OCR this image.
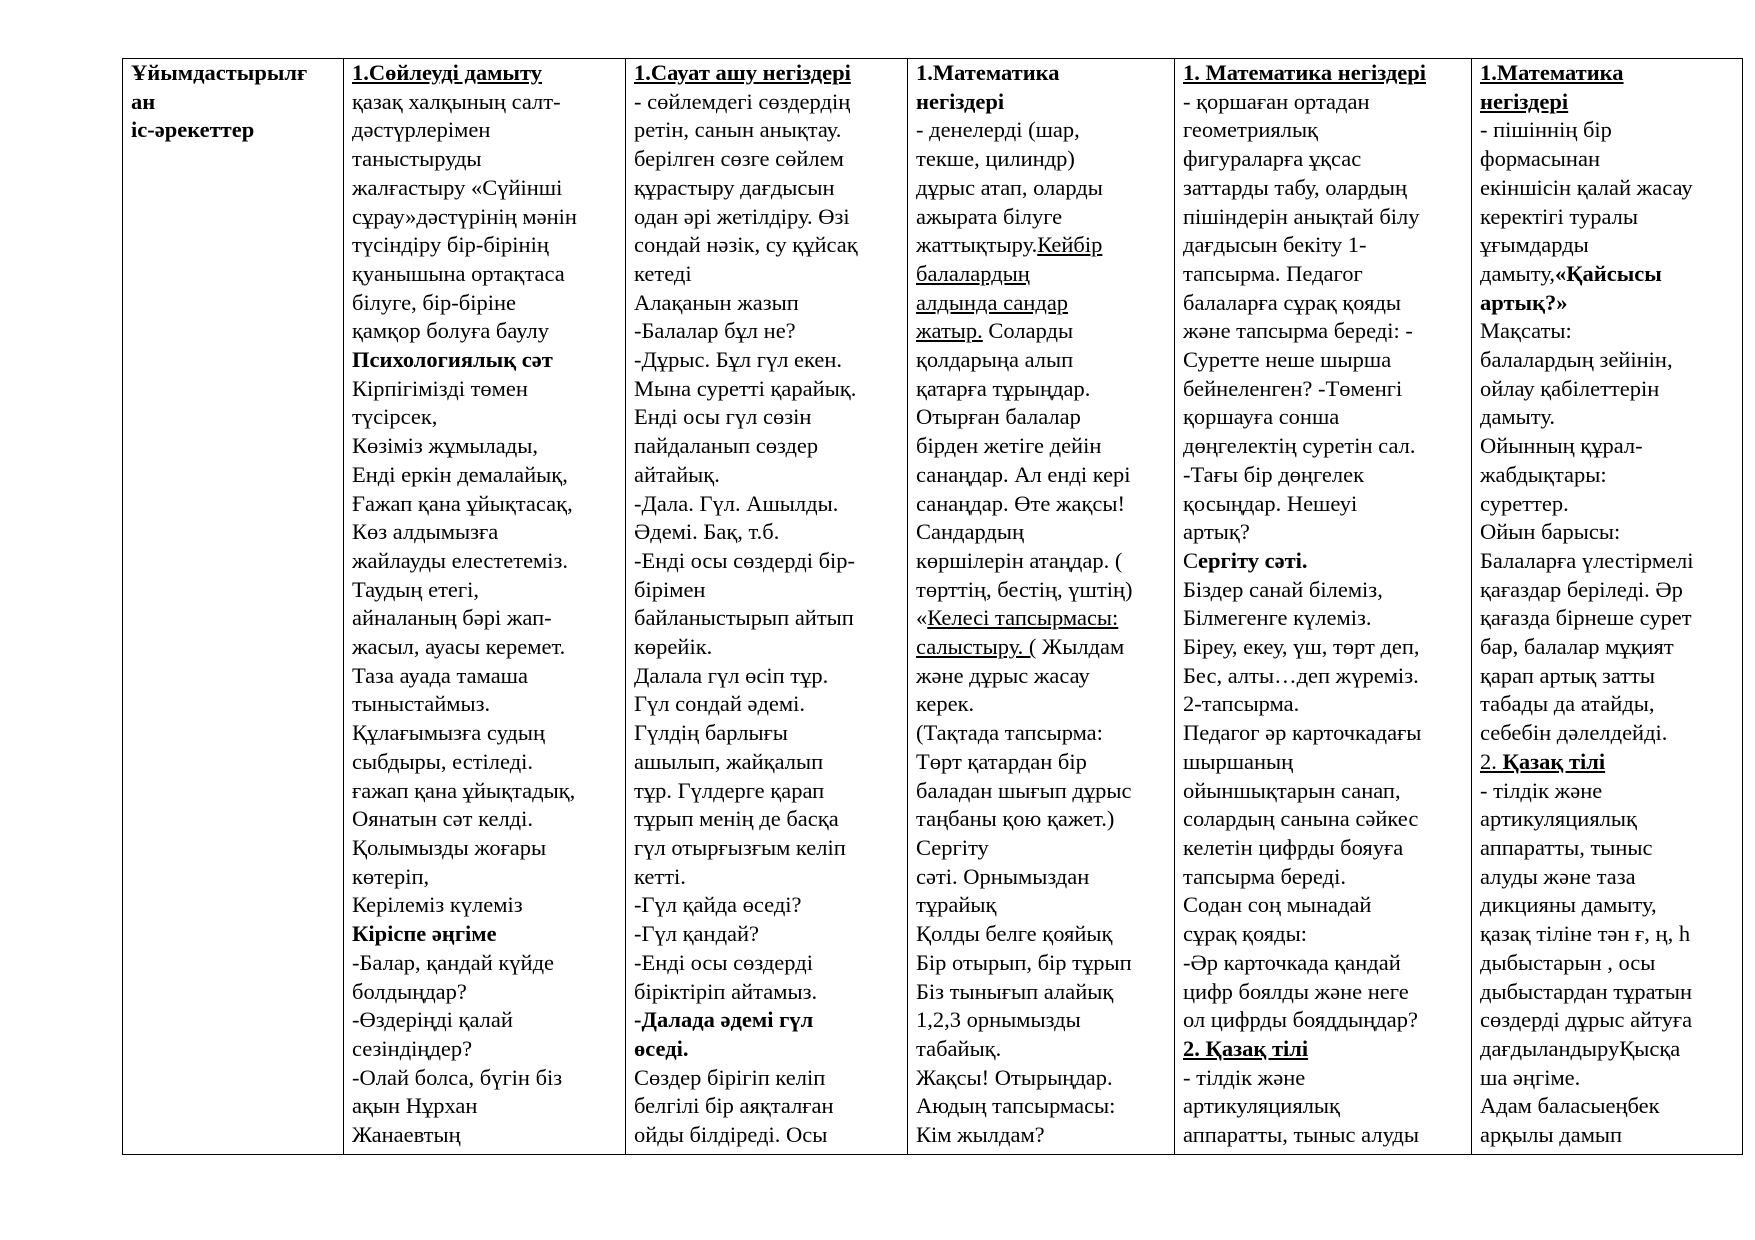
Ұйымдастырылғ
ан
іс-әрекеттер

1.Сөйлеуді дамыту
қазақ халқының салт-
дәстүрлерімен
таныстыруды
жалғастыру «Сүйінші
сұрау»дәстүрінің мәнін
түсіндіру бір-бірінің
қуанышына ортақтаса
білуге, бір-біріне
қамқор болуға баулу
Психологиялық сәт
Кірпігімізді төмен
түсірсек,
Көзіміз жұмылады,
Енді еркін демалайық,
Ғажап қана ұйықтасақ,
Көз алдымызға
жайлауды елестетеміз.
Таудың етегі,
айналаның бәрі жап-
жасыл, ауасы керемет.
Таза ауада тамаша
тыныстаймыз.
Құлағымызға судың
сыбдыры, естіледі.
ғажап қана ұйықтадық,
Оянатын сәт келді.
Қолымызды жоғары
көтеріп,
Керілеміз күлеміз
Кіріспе әңгіме
-Балар, қандай күйде
болдыңдар?
-Өздеріңді қалай
сезіндіңдер?
-Олай болса, бүгін біз
ақын Нұрхан
Жанаевтың

1.Сауат ашу негіздері
- сөйлемдегі сөздердің
ретін, санын анықтау.
берілген сөзге сөйлем
құрастыру дағдысын
одан әрі жетілдіру. Өзі
сондай нәзік, су құйсақ
кетеді
Алақанын жазып
-Балалар бұл не?
-Дұрыс. Бұл гүл екен.
Мына суретті қарайық.
Енді осы гүл сөзін
пайдаланып сөздер
айтайық.
-Дала. Гүл. Ашылды.
Әдемі. Бақ, т.б.
-Енді осы сөздерді бір-
бірімен
байланыстырып айтып
көрейік.
Далала гүл өсіп тұр.
Гүл сондай әдемі.
Гүлдің барлығы
ашылып, жайқалып
тұр. Гүлдерге қарап
тұрып менің де басқа
гүл отырғызғым келіп
кетті.
-Гүл қайда өседі?
-Гүл қандай?
-Енді осы сөздерді
біріктіріп айтамыз.
-Далада әдемі гүл
өседі.
Сөздер бірігіп келіп
белгілі бір аяқталған
ойды білдіреді. Осы

1.Математика
негіздері
- денелерді (шар,
текше, цилиндр)
дұрыс атап, оларды
ажырата білуге
жаттықтыру.Кейбір
балалардың
алдында сандар
жатыр. Соларды
қолдарыңа алып
қатарға тұрыңдар.
Отырған балалар
бірден жетіге дейін
санаңдар. Ал енді кері
санаңдар. Өте жақсы!
Сандардың
көршілерін атаңдар. (
төрттің, бестің, үштің)
«Келесі тапсырмасы:
салыстыру. ( Жылдам
және дұрыс жасау
керек.
(Тақтада тапсырма:
Төрт қатардан бір
баладан шығып дұрыс
таңбаны қою қажет.)
Сергіту
сәті. Орнымыздан
тұрайық
Қолды белге қояйық
Бір отырып, бір тұрып
Біз тынығып алайық
1,2,3 орнымызды
табайық.
Жақсы! Отырыңдар.
Аюдың тапсырмасы:
Кім жылдам?

1. Математика негіздері
- қоршаған ортадан
геометриялық
фигураларға ұқсас
заттарды табу, олардың
пішіндерін анықтай білу
дағдысын бекіту 1-
тапсырма. Педагог
балаларға сұрақ қояды
және тапсырма береді: -
Суретте неше шырша
бейнеленген? -Төменгі
қоршауға сонша
дөңгелектің суретін сал.
-Тағы бір дөңгелек
қосыңдар. Нешеуі
артық?
Сергіту сәті.
Біздер санай білеміз,
Білмегенге күлеміз.
Біреу, екеу, үш, төрт деп,
Бес, алты…деп жүреміз.
2-тапсырма.
Педагог әр карточкадағы
шыршаның
ойыншықтарын санап,
солардың санына сәйкес
келетін цифрды бояуға
тапсырма береді.
Содан соң мынадай
сұрақ қояды:
-Әр карточкада қандай
цифр боялды және неге
ол цифрды бояддыңдар?
2. Қазақ тілі
- тілдік және
артикуляциялық
аппаратты, тыныс алуды

1.Математика
негіздері
- пішіннің бір
формасынан
екіншісін қалай жасау
керектігі туралы
ұғымдарды
дамыту,«Қайсысы
артық?»
Мақсаты:
балалардың зейінін,
ойлау қабілеттерін
дамыту.
Ойынның құрал-
жабдықтары:
суреттер.
Ойын барысы:
Балаларға үлестірмелі
қағаздар беріледі. Әр
қағазда бірнеше сурет
бар, балалар мұқият
қарап артық затты
табады да атайды,
себебін дәлелдейді.
2. Қазақ тілі
- тілдік және
артикуляциялық
аппаратты, тыныс
алуды және таза
дикцияны дамыту,
қазақ тіліне тән ғ, ң, һ
дыбыстарын , осы
дыбыстардан тұратын
сөздерді дұрыс айтуға
дағдыландыруҚысқа
ша әңгіме.
Адам баласыеңбек
арқылы дамып
